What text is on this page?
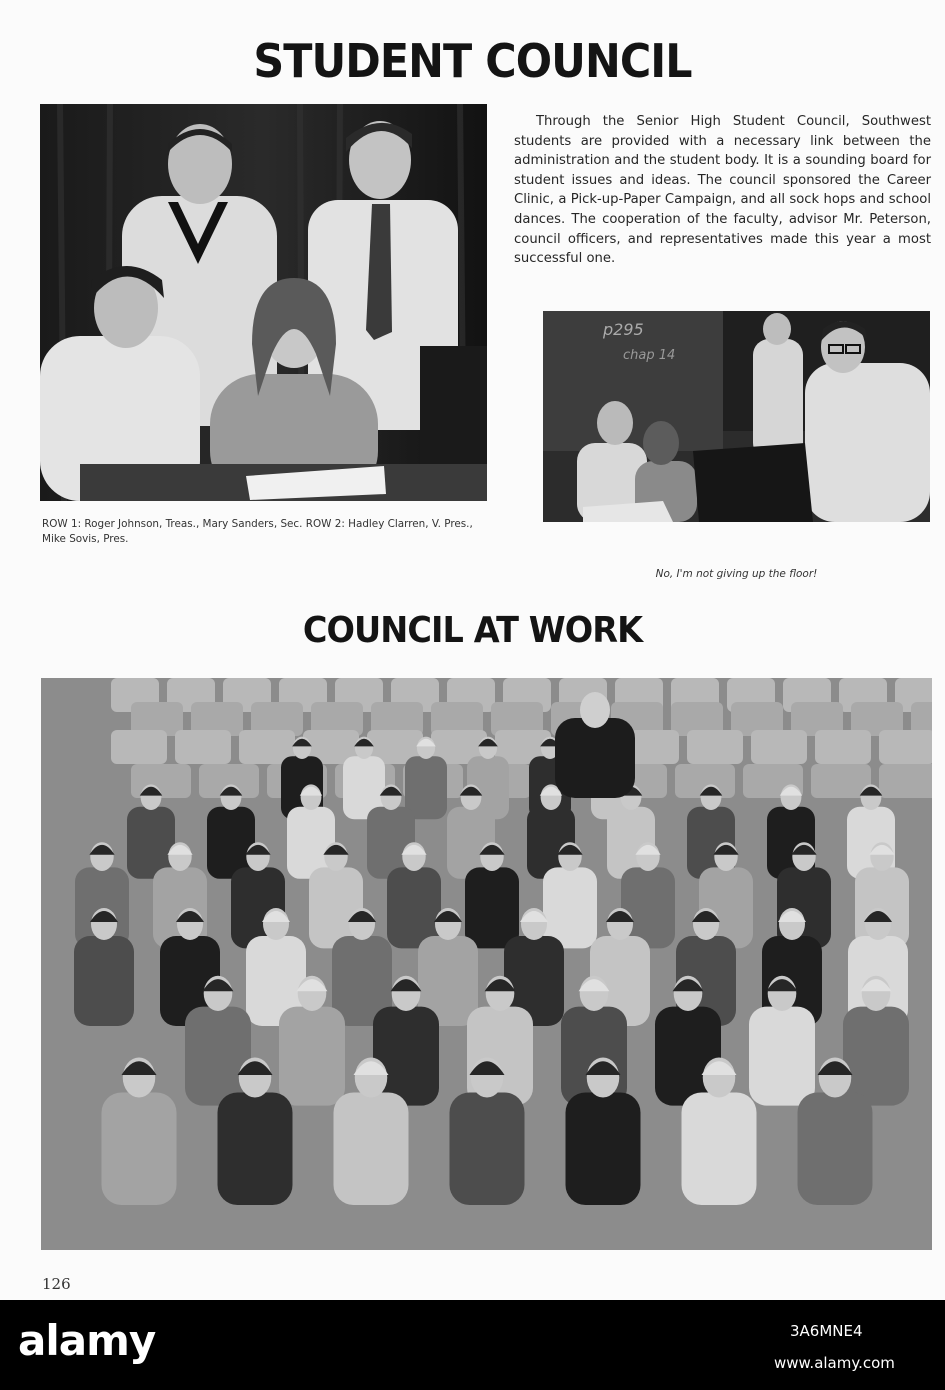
STUDENT COUNCIL

Through the Senior High Student Council, Southwest students are provided with a necessary link between the administration and the student body. It is a sounding board for student issues and ideas. The council sponsored the Career Clinic, a Pick-up-Paper Campaign, and all sock hops and school dances. The cooperation of the faculty, advisor Mr. Peterson, council officers, and representatives made this year a most successful one.

p295
chap 14

ROW 1: Roger Johnson, Treas., Mary Sanders, Sec. ROW 2: Hadley Clarren, V. Pres., Mike Sovis, Pres.

No, I'm not giving up the floor!

COUNCIL AT WORK
126
alamy	3A6MNE4
www.alamy.com
